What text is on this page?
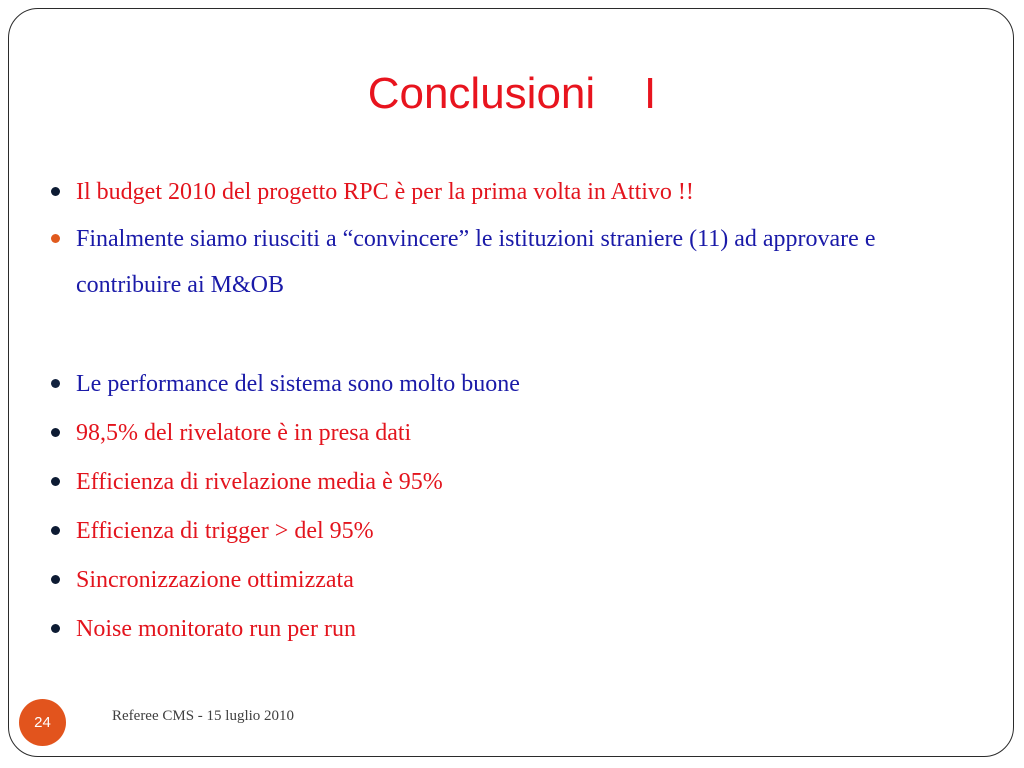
Conclusioni    I
Il budget 2010 del progetto RPC è per la prima volta in Attivo !!
Finalmente siamo riusciti a “convincere” le istituzioni straniere (11) ad approvare e contribuire ai M&OB
Le performance del sistema sono molto buone
98,5% del rivelatore è in presa dati
Efficienza di rivelazione media è 95%
Efficienza di trigger > del 95%
Sincronizzazione ottimizzata
Noise monitorato run per run
24	Referee CMS - 15 luglio 2010
